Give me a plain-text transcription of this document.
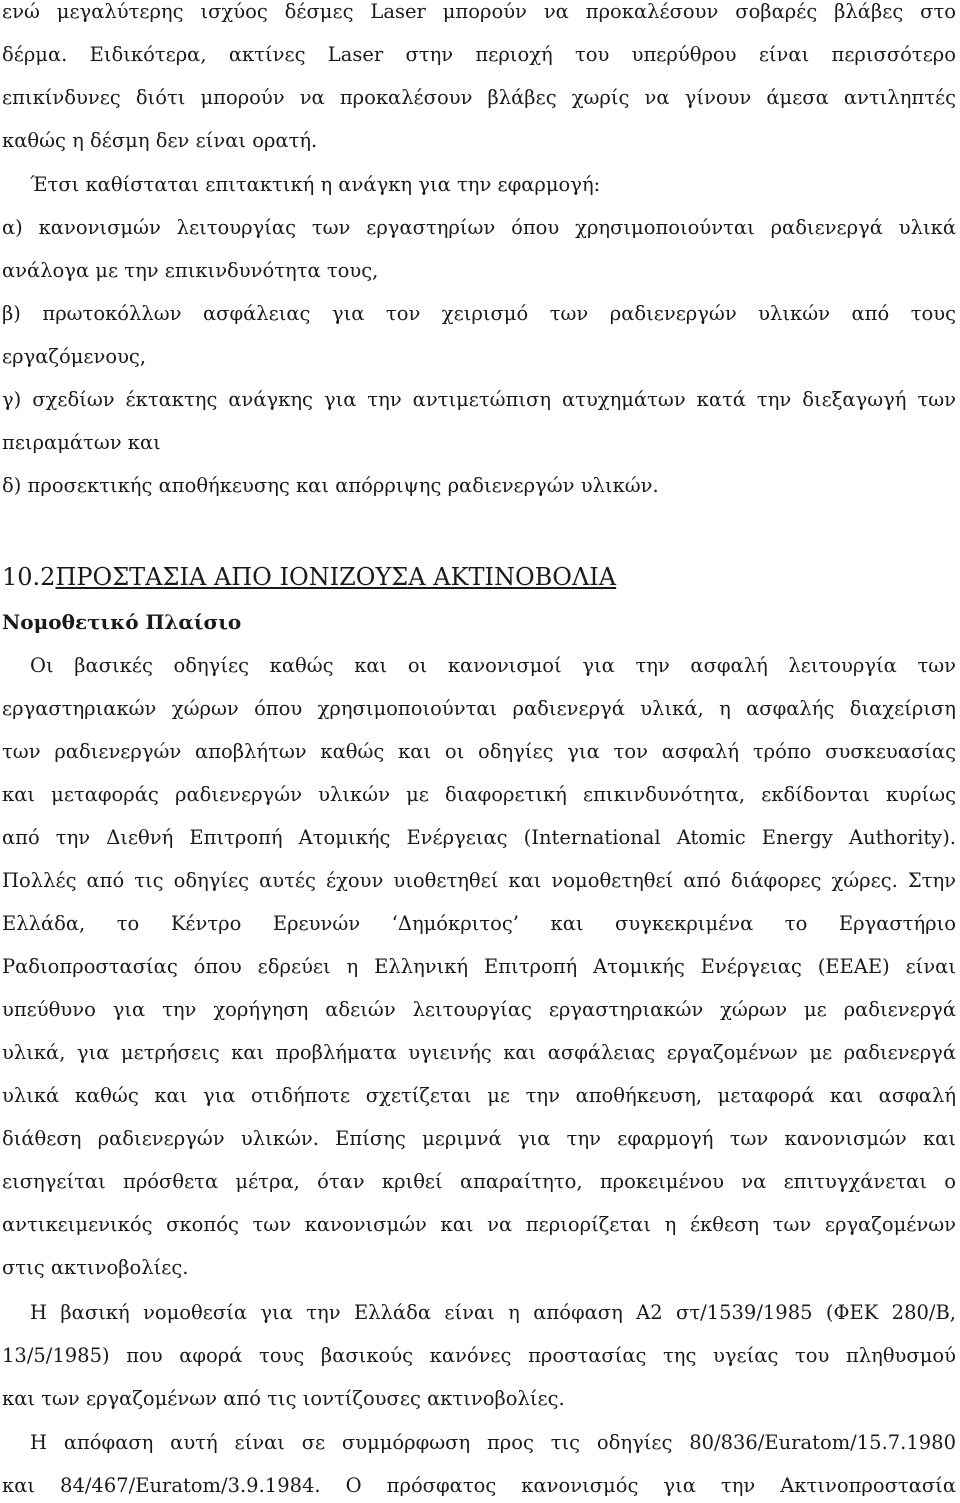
ενώ μεγαλύτερης ισχύος δέσμες Laser μπορούν να προκαλέσουν σοβαρές βλάβες στο
δέρμα. Ειδικότερα, ακτίνες Laser στην περιοχή του υπερύθρου είναι περισσότερο
επικίνδυνες διότι μπορούν να προκαλέσουν βλάβες χωρίς να γίνουν άμεσα αντιληπτές
καθώς η δέσμη δεν είναι ορατή.
Έτσι καθίσταται επιτακτική η ανάγκη για την εφαρμογή:
α) κανονισμών λειτουργίας των εργαστηρίων όπου χρησιμοποιούνται ραδιενεργά υλικά
ανάλογα με την επικινδυνότητα τους,
β) πρωτοκόλλων ασφάλειας για τον χειρισμό των ραδιενεργών υλικών από τους
εργαζόμενους,
γ) σχεδίων έκτακτης ανάγκης για την αντιμετώπιση ατυχημάτων κατά την διεξαγωγή των
πειραμάτων και
δ) προσεκτικής αποθήκευσης και απόρριψης ραδιενεργών υλικών.
10.2ΠΡΟΣΤΑΣΙΑ ΑΠΟ ΙΟΝΙΖΟΥΣΑ ΑΚΤΙΝΟΒΟΛΙΑ
Νομοθετικό Πλαίσιο
Οι βασικές οδηγίες καθώς και οι κανονισμοί για την ασφαλή λειτουργία των
εργαστηριακών χώρων όπου χρησιμοποιούνται ραδιενεργά υλικά, η ασφαλής διαχείριση
των ραδιενεργών αποβλήτων καθώς και οι οδηγίες για τον ασφαλή τρόπο συσκευασίας
και μεταφοράς ραδιενεργών υλικών με διαφορετική επικινδυνότητα, εκδίδονται κυρίως
από την Διεθνή Επιτροπή Ατομικής Ενέργειας (International Atomic Energy Authority).
Πολλές από τις οδηγίες αυτές έχουν υιοθετηθεί και νομοθετηθεί από διάφορες χώρες. Στην
Ελλάδα, το Κέντρο Ερευνών ‘Δημόκριτος’ και συγκεκριμένα το Εργαστήριο
Ραδιοπροστασίας όπου εδρεύει η Ελληνική Επιτροπή Ατομικής Ενέργειας (ΕΕΑΕ) είναι
υπεύθυνο για την χορήγηση αδειών λειτουργίας εργαστηριακών χώρων με ραδιενεργά
υλικά, για μετρήσεις και προβλήματα υγιεινής και ασφάλειας εργαζομένων με ραδιενεργά
υλικά καθώς και για οτιδήποτε σχετίζεται με την αποθήκευση, μεταφορά και ασφαλή
διάθεση ραδιενεργών υλικών. Επίσης μεριμνά για την εφαρμογή των κανονισμών και
εισηγείται πρόσθετα μέτρα, όταν κριθεί απαραίτητο, προκειμένου να επιτυγχάνεται ο
αντικειμενικός σκοπός των κανονισμών και να περιορίζεται η έκθεση των εργαζομένων
στις ακτινοβολίες.
Η βασική νομοθεσία για την Ελλάδα είναι η απόφαση Α2 στ/1539/1985 (ΦΕΚ 280/Β,
13/5/1985) που αφορά τους βασικούς κανόνες προστασίας της υγείας του πληθυσμού
και των εργαζομένων από τις ιοντίζουσες ακτινοβολίες.
Η απόφαση αυτή είναι σε συμμόρφωση προς τις οδηγίες 80/836/Euratom/15.7.1980
και 84/467/Euratom/3.9.1984. Ο πρόσφατος κανονισμός για την Ακτινοπροστασία
